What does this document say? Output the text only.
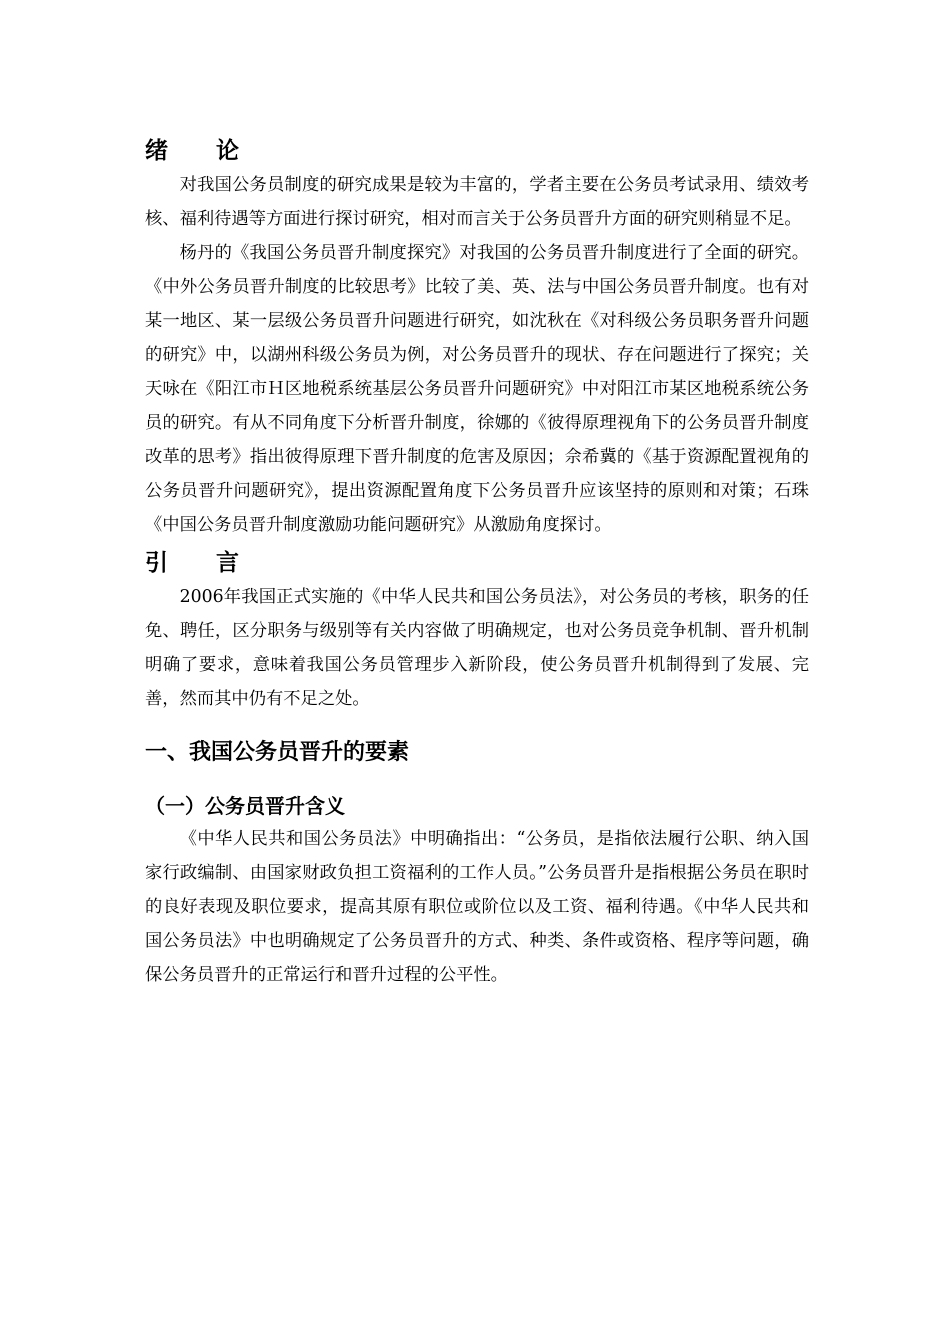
绪 论

对我国公务员制度的研究成果是较为丰富的，学者主要在公务员考试录用、绩效考核、福利待遇等方面进行探讨研究，相对而言关于公务员晋升方面的研究则稍显不足。

杨丹的《我国公务员晋升制度探究》对我国的公务员晋升制度进行了全面的研究。《中外公务员晋升制度的比较思考》比较了美、英、法与中国公务员晋升制度。也有对某一地区、某一层级公务员晋升问题进行研究，如沈秋在《对科级公务员职务晋升问题的研究》中，以湖州科级公务员为例，对公务员晋升的现状、存在问题进行了探究；关天咏在《阳江市Ｈ区地税系统基层公务员晋升问题研究》中对阳江市某区地税系统公务员的研究。有从不同角度下分析晋升制度，徐娜的《彼得原理视角下的公务员晋升制度改革的思考》指出彼得原理下晋升制度的危害及原因；佘希冀的《基于资源配置视角的公务员晋升问题研究》，提出资源配置角度下公务员晋升应该坚持的原则和对策；石珠《中国公务员晋升制度激励功能问题研究》从激励角度探讨。

引 言

2006年我国正式实施的《中华人民共和国公务员法》，对公务员的考核，职务的任免、聘任，区分职务与级别等有关内容做了明确规定，也对公务员竞争机制、晋升机制明确了要求，意味着我国公务员管理步入新阶段，使公务员晋升机制得到了发展、完善，然而其中仍有不足之处。

一、我国公务员晋升的要素
（一）公务员晋升含义

《中华人民共和国公务员法》中明确指出：“公务员，是指依法履行公职、纳入国家行政编制、由国家财政负担工资福利的工作人员。”公务员晋升是指根据公务员在职时的良好表现及职位要求，提高其原有职位或阶位以及工资、福利待遇。《中华人民共和国公务员法》中也明确规定了公务员晋升的方式、种类、条件或资格、程序等问题，确保公务员晋升的正常运行和晋升过程的公平性。
